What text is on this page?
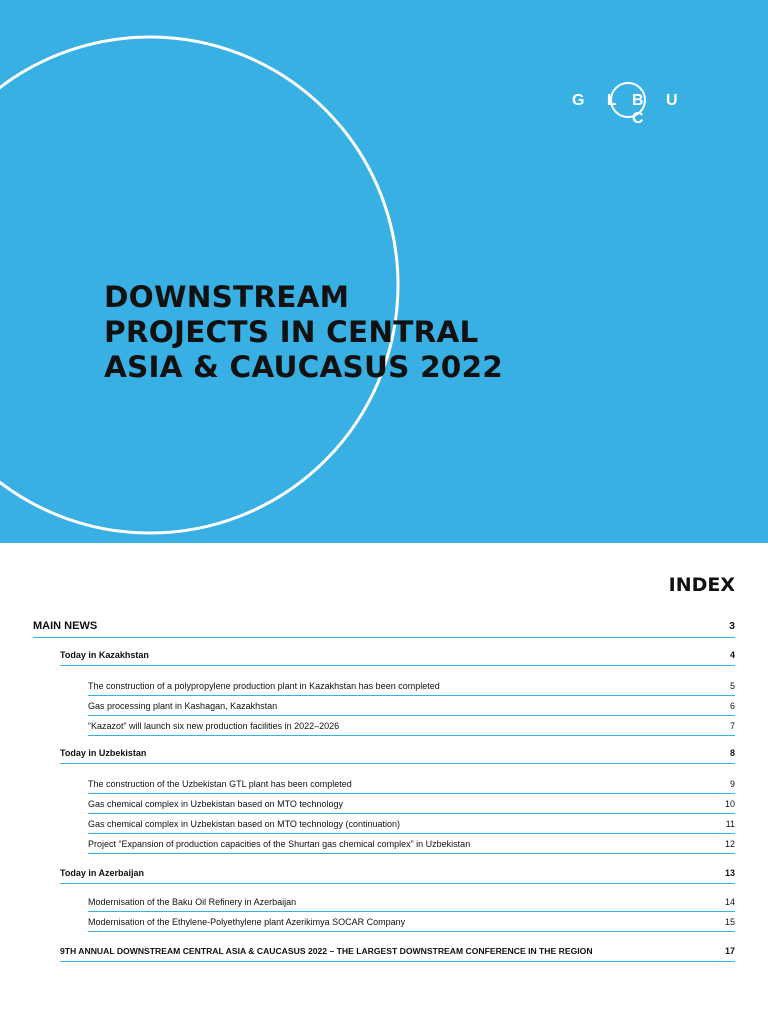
G L B U C
DOWNSTREAM
PROJECTS IN CENTRAL
ASIA & CAUCASUS 2022
INDEX
MAIN NEWS	3
Today in Kazakhstan	4
The construction of a polypropylene production plant in Kazakhstan has been completed	5
Gas processing plant in Kashagan, Kazakhstan	6
“Kazazot” will launch six new production facilities in 2022–2026	7
Today in Uzbekistan	8
The construction of the Uzbekistan GTL plant has been completed	9
Gas chemical complex in Uzbekistan based on MTO technology	10
Gas chemical complex in Uzbekistan based on MTO technology (continuation)	11
Project “Expansion of production capacities of the Shurtan gas chemical complex” in Uzbekistan	12
Today in Azerbaijan	13
Modernisation of the Baku Oil Refinery in Azerbaijan	14
Modernisation of the Ethylene-Polyethylene plant Azerikimya SOCAR Company	15
9TH ANNUAL DOWNSTREAM CENTRAL ASIA & CAUCASUS 2022 – THE LARGEST DOWNSTREAM CONFERENCE IN THE REGION	17
